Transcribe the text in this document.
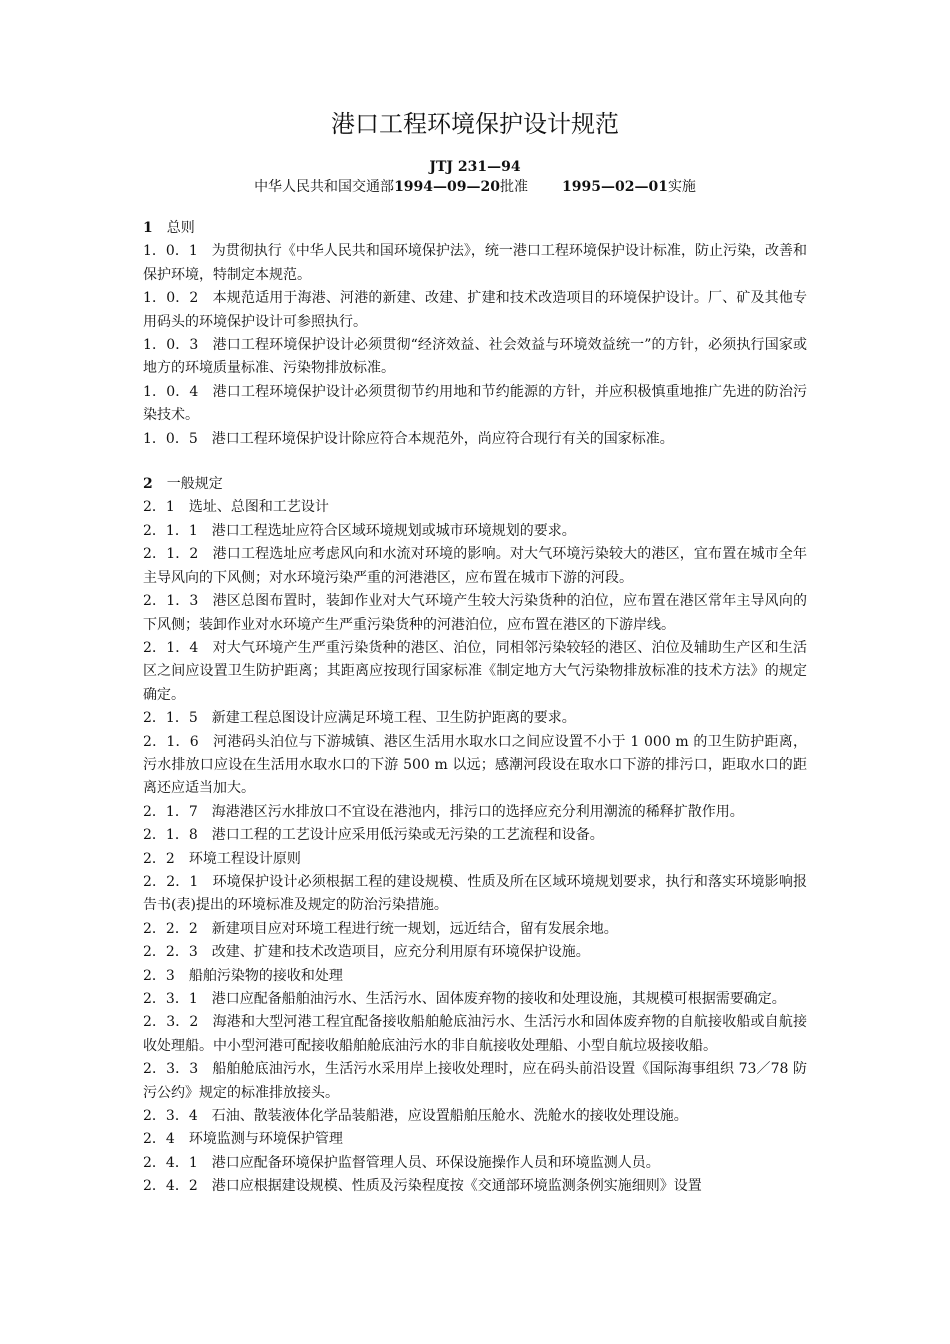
港口工程环境保护设计规范
JTJ 231—94
中华人民共和国交通部1994—09—20批准 1995—02—01实施
1 总则

1．0．1　为贯彻执行《中华人民共和国环境保护法》，统一港口工程环境保护设计标准，防止污染，改善和保护环境，特制定本规范。

1．0．2　本规范适用于海港、河港的新建、改建、扩建和技术改造项目的环境保护设计。厂、矿及其他专用码头的环境保护设计可参照执行。

1．0．3　港口工程环境保护设计必须贯彻“经济效益、社会效益与环境效益统一”的方针，必须执行国家或地方的环境质量标准、污染物排放标准。

1．0．4　港口工程环境保护设计必须贯彻节约用地和节约能源的方针，并应积极慎重地推广先进的防治污染技术。

1．0．5　港口工程环境保护设计除应符合本规范外，尚应符合现行有关的国家标准。

2 一般规定

2．1　选址、总图和工艺设计

2．1．1　港口工程选址应符合区域环境规划或城市环境规划的要求。

2．1．2　港口工程选址应考虑风向和水流对环境的影响。对大气环境污染较大的港区，宜布置在城市全年主导风向的下风侧；对水环境污染严重的河港港区，应布置在城市下游的河段。

2．1．3　港区总图布置时，装卸作业对大气环境产生较大污染货种的泊位，应布置在港区常年主导风向的下风侧；装卸作业对水环境产生严重污染货种的河港泊位，应布置在港区的下游岸线。

2．1．4　对大气环境产生严重污染货种的港区、泊位，同相邻污染较轻的港区、泊位及辅助生产区和生活区之间应设置卫生防护距离；其距离应按现行国家标准《制定地方大气污染物排放标准的技术方法》的规定确定。

2．1．5　新建工程总图设计应满足环境工程、卫生防护距离的要求。

2．1．6　河港码头泊位与下游城镇、港区生活用水取水口之间应设置不小于 1 000 m 的卫生防护距离，污水排放口应设在生活用水取水口的下游 500 m 以远；感潮河段设在取水口下游的排污口，距取水口的距离还应适当加大。

2．1．7　海港港区污水排放口不宜设在港池内，排污口的选择应充分利用潮流的稀释扩散作用。

2．1．8　港口工程的工艺设计应采用低污染或无污染的工艺流程和设备。

2．2　环境工程设计原则

2．2．1　环境保护设计必须根据工程的建设规模、性质及所在区域环境规划要求，执行和落实环境影响报告书(表)提出的环境标准及规定的防治污染措施。

2．2．2　新建项目应对环境工程进行统一规划，远近结合，留有发展余地。

2．2．3　改建、扩建和技术改造项目，应充分利用原有环境保护设施。

2．3　船舶污染物的接收和处理

2．3．1　港口应配备船舶油污水、生活污水、固体废弃物的接收和处理设施，其规模可根据需要确定。

2．3．2　海港和大型河港工程宜配备接收船舶舱底油污水、生活污水和固体废弃物的自航接收船或自航接收处理船。中小型河港可配接收船舶舱底油污水的非自航接收处理船、小型自航垃圾接收船。

2．3．3　船舶舱底油污水，生活污水采用岸上接收处理时，应在码头前沿设置《国际海事组织 73／78 防污公约》规定的标准排放接头。

2．3．4　石油、散装液体化学品装船港，应设置船舶压舱水、洗舱水的接收处理设施。

2．4　环境监测与环境保护管理

2．4．1　港口应配备环境保护监督管理人员、环保设施操作人员和环境监测人员。

2．4．2　港口应根据建设规模、性质及污染程度按《交通部环境监测条例实施细则》设置
